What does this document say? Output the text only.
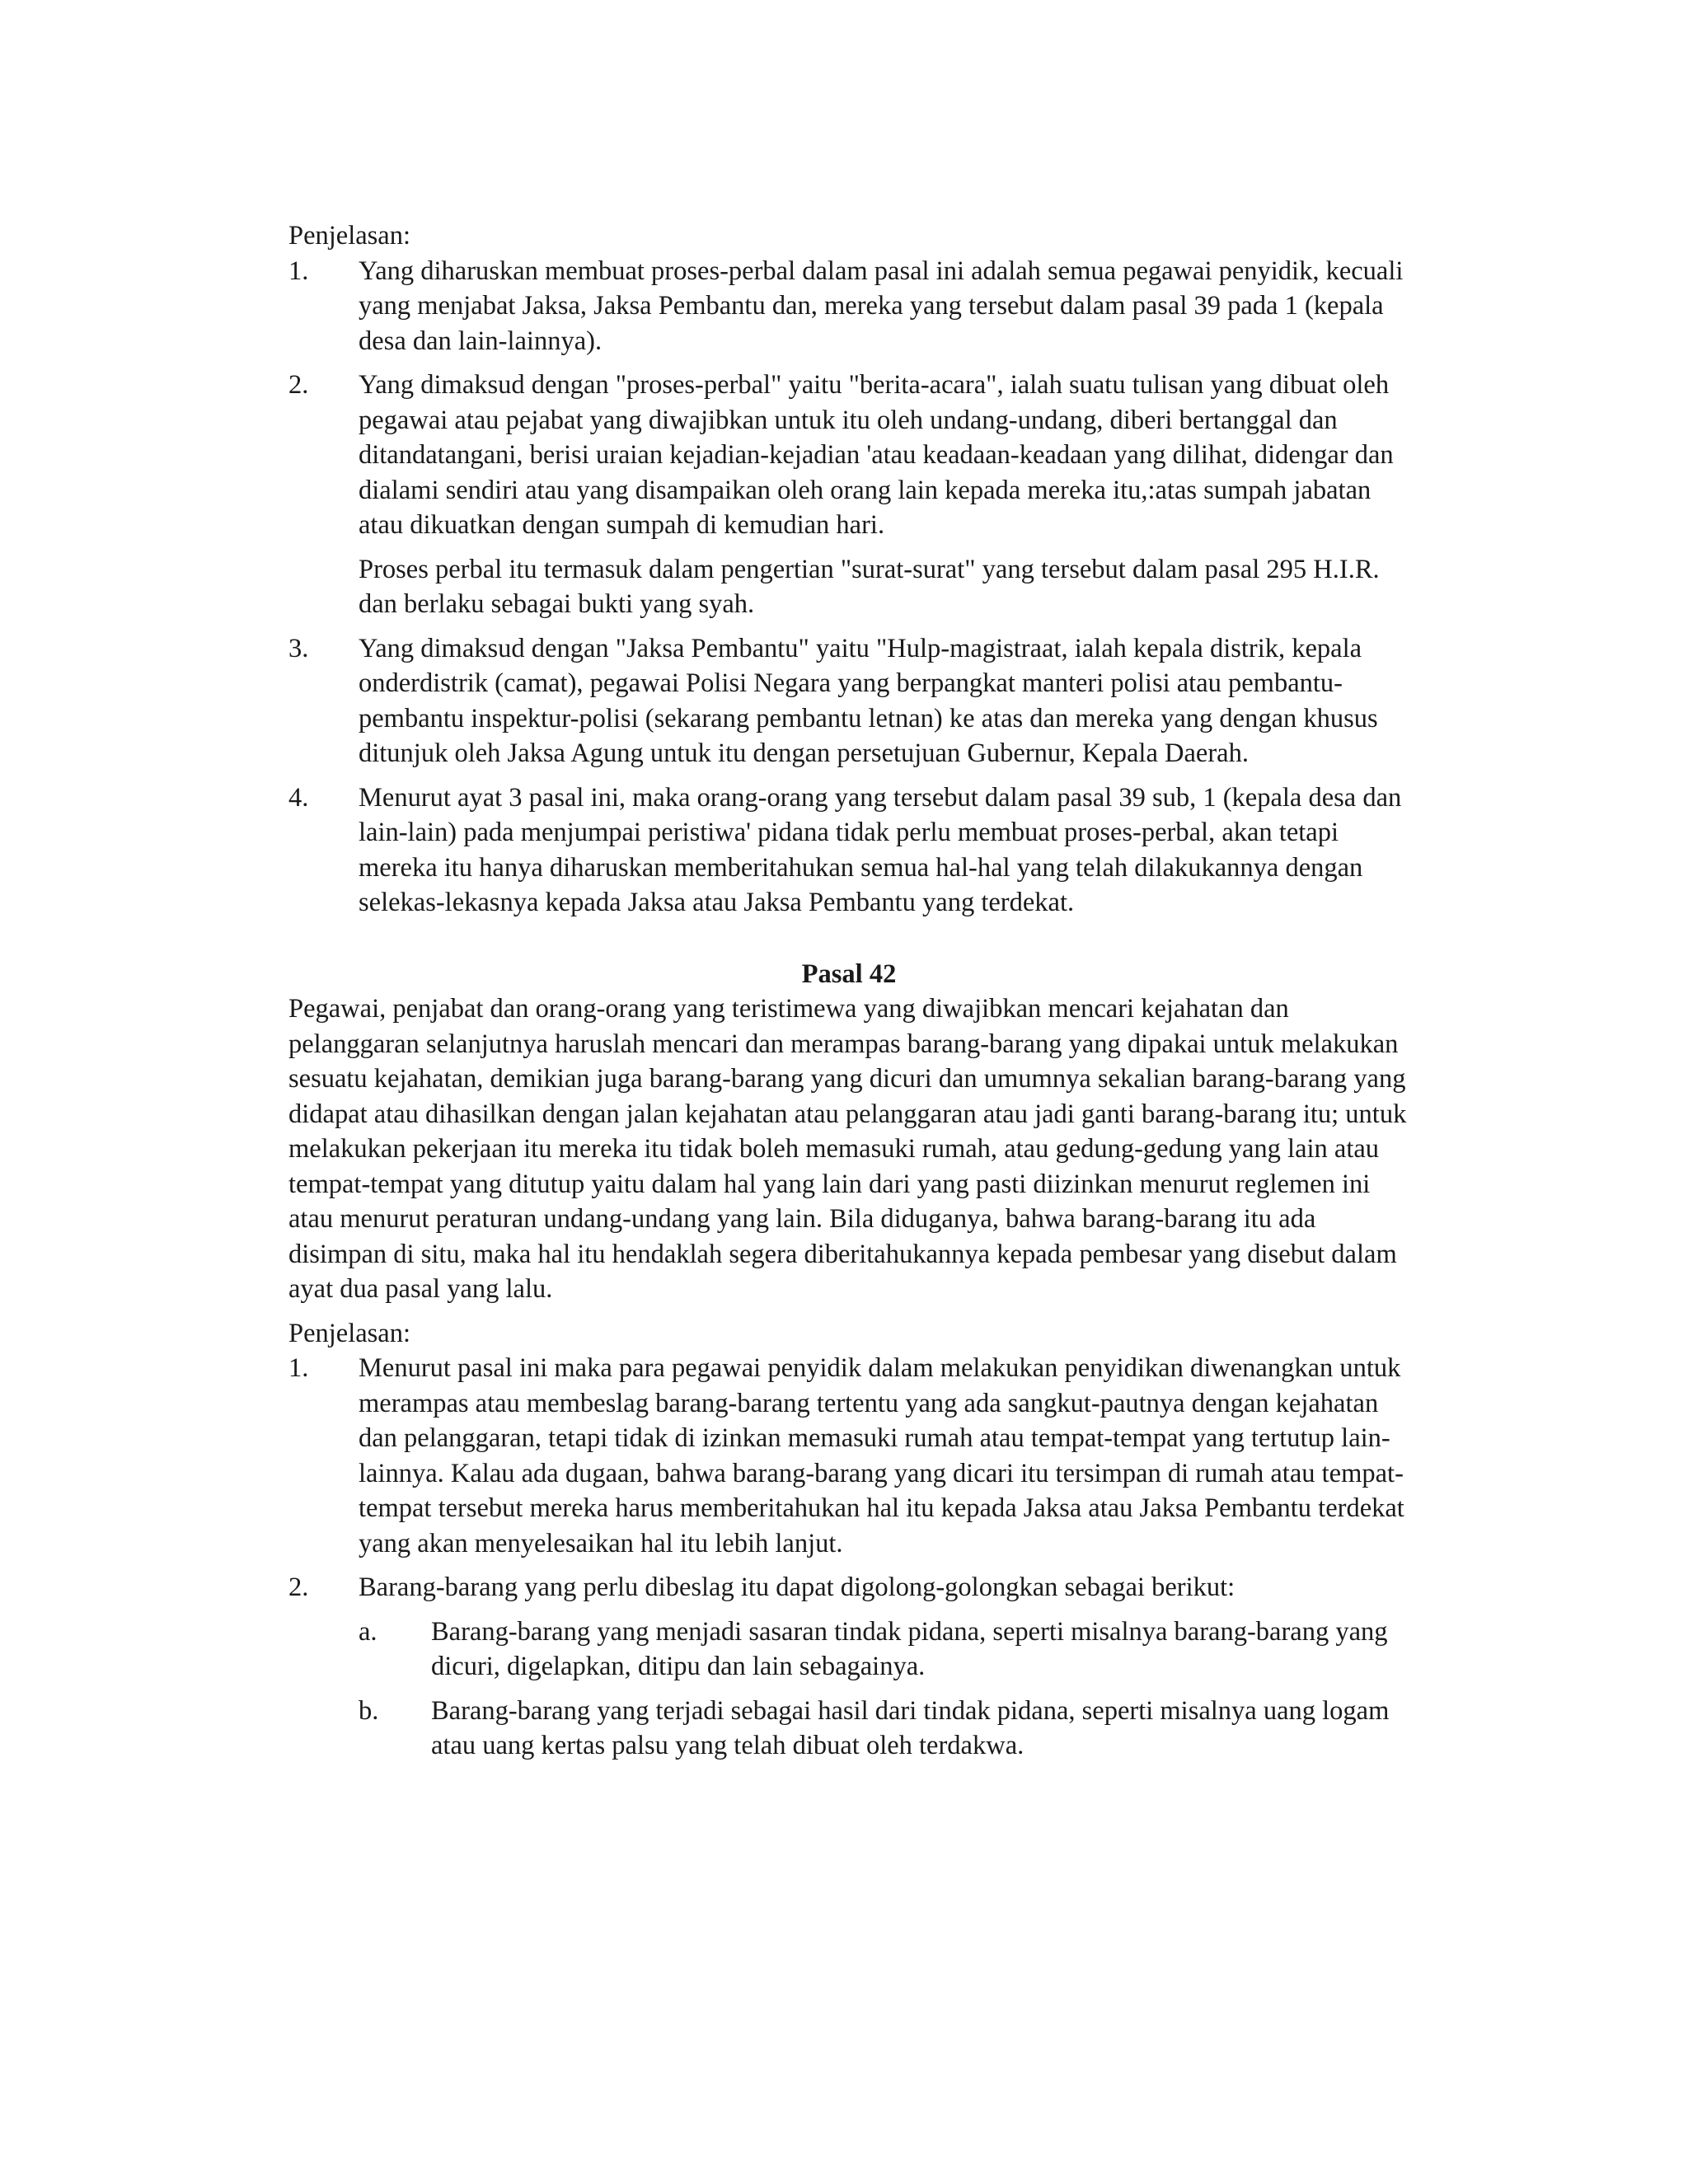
Penjelasan:

1.	Yang diharuskan membuat proses-perbal dalam pasal ini adalah semua pegawai penyidik, kecuali yang menjabat Jaksa, Jaksa Pembantu dan, mereka yang tersebut dalam pasal 39 pada 1 (kepala desa dan lain-lainnya).

2.	Yang dimaksud dengan "proses-perbal" yaitu "berita-acara", ialah suatu tulisan yang dibuat oleh pegawai atau pejabat yang diwajibkan untuk itu oleh undang-undang, diberi bertanggal dan ditandatangani, berisi uraian kejadian-kejadian 'atau keadaan-keadaan yang dilihat, didengar dan dialami sendiri atau yang disampaikan oleh orang lain kepada mereka itu,:atas sumpah jabatan atau dikuatkan dengan sumpah di kemudian hari.

Proses perbal itu termasuk dalam pengertian "surat-surat" yang tersebut dalam pasal 295 H.I.R. dan berlaku sebagai bukti yang syah.

3.	Yang dimaksud dengan "Jaksa Pembantu" yaitu "Hulp-magistraat, ialah kepala distrik, kepala onderdistrik (camat), pegawai Polisi Negara yang berpangkat manteri polisi atau pembantu-pembantu inspektur-polisi (sekarang pembantu letnan) ke atas dan mereka yang dengan khusus ditunjuk oleh Jaksa Agung untuk itu dengan persetujuan Gubernur, Kepala Daerah.

4.	Menurut ayat 3 pasal ini, maka orang-orang yang tersebut dalam pasal 39 sub, 1 (kepala desa dan lain-lain) pada menjumpai peristiwa' pidana tidak perlu membuat proses-perbal, akan tetapi mereka itu hanya diharuskan memberitahukan semua hal-hal yang telah dilakukannya dengan selekas-lekasnya kepada Jaksa atau Jaksa Pembantu yang terdekat.

Pasal 42

Pegawai, penjabat dan orang-orang yang teristimewa yang diwajibkan mencari kejahatan dan pelanggaran selanjutnya haruslah mencari dan merampas barang-barang yang dipakai untuk melakukan sesuatu kejahatan, demikian juga barang-barang yang dicuri dan umumnya sekalian barang-barang yang didapat atau dihasilkan dengan jalan kejahatan atau pelanggaran atau jadi ganti barang-barang itu; untuk melakukan pekerjaan itu mereka itu tidak boleh memasuki rumah, atau gedung-gedung yang lain atau tempat-tempat yang ditutup yaitu dalam hal yang lain dari yang pasti diizinkan menurut reglemen ini atau menurut peraturan undang-undang yang lain. Bila diduganya, bahwa barang-barang itu ada disimpan di situ, maka hal itu hendaklah segera diberitahukannya kepada pembesar yang disebut dalam ayat dua pasal yang lalu.

Penjelasan:

1.	Menurut pasal ini maka para pegawai penyidik dalam melakukan penyidikan diwenangkan untuk merampas atau membeslag barang-barang tertentu yang ada sangkut-pautnya dengan kejahatan dan pelanggaran, tetapi tidak di izinkan memasuki rumah atau tempat-tempat yang tertutup lain-lainnya. Kalau ada dugaan, bahwa barang-barang yang dicari itu tersimpan di rumah atau tempat-tempat tersebut mereka harus memberitahukan hal itu kepada Jaksa atau Jaksa Pembantu terdekat yang akan menyelesaikan hal itu lebih lanjut.

2.	Barang-barang yang perlu dibeslag itu dapat digolong-golongkan sebagai berikut:

a.	Barang-barang yang menjadi sasaran tindak pidana, seperti misalnya barang-barang yang dicuri, digelapkan, ditipu dan lain sebagainya.
b.	Barang-barang yang terjadi sebagai hasil dari tindak pidana, seperti misalnya uang logam atau uang kertas palsu yang telah dibuat oleh terdakwa.
